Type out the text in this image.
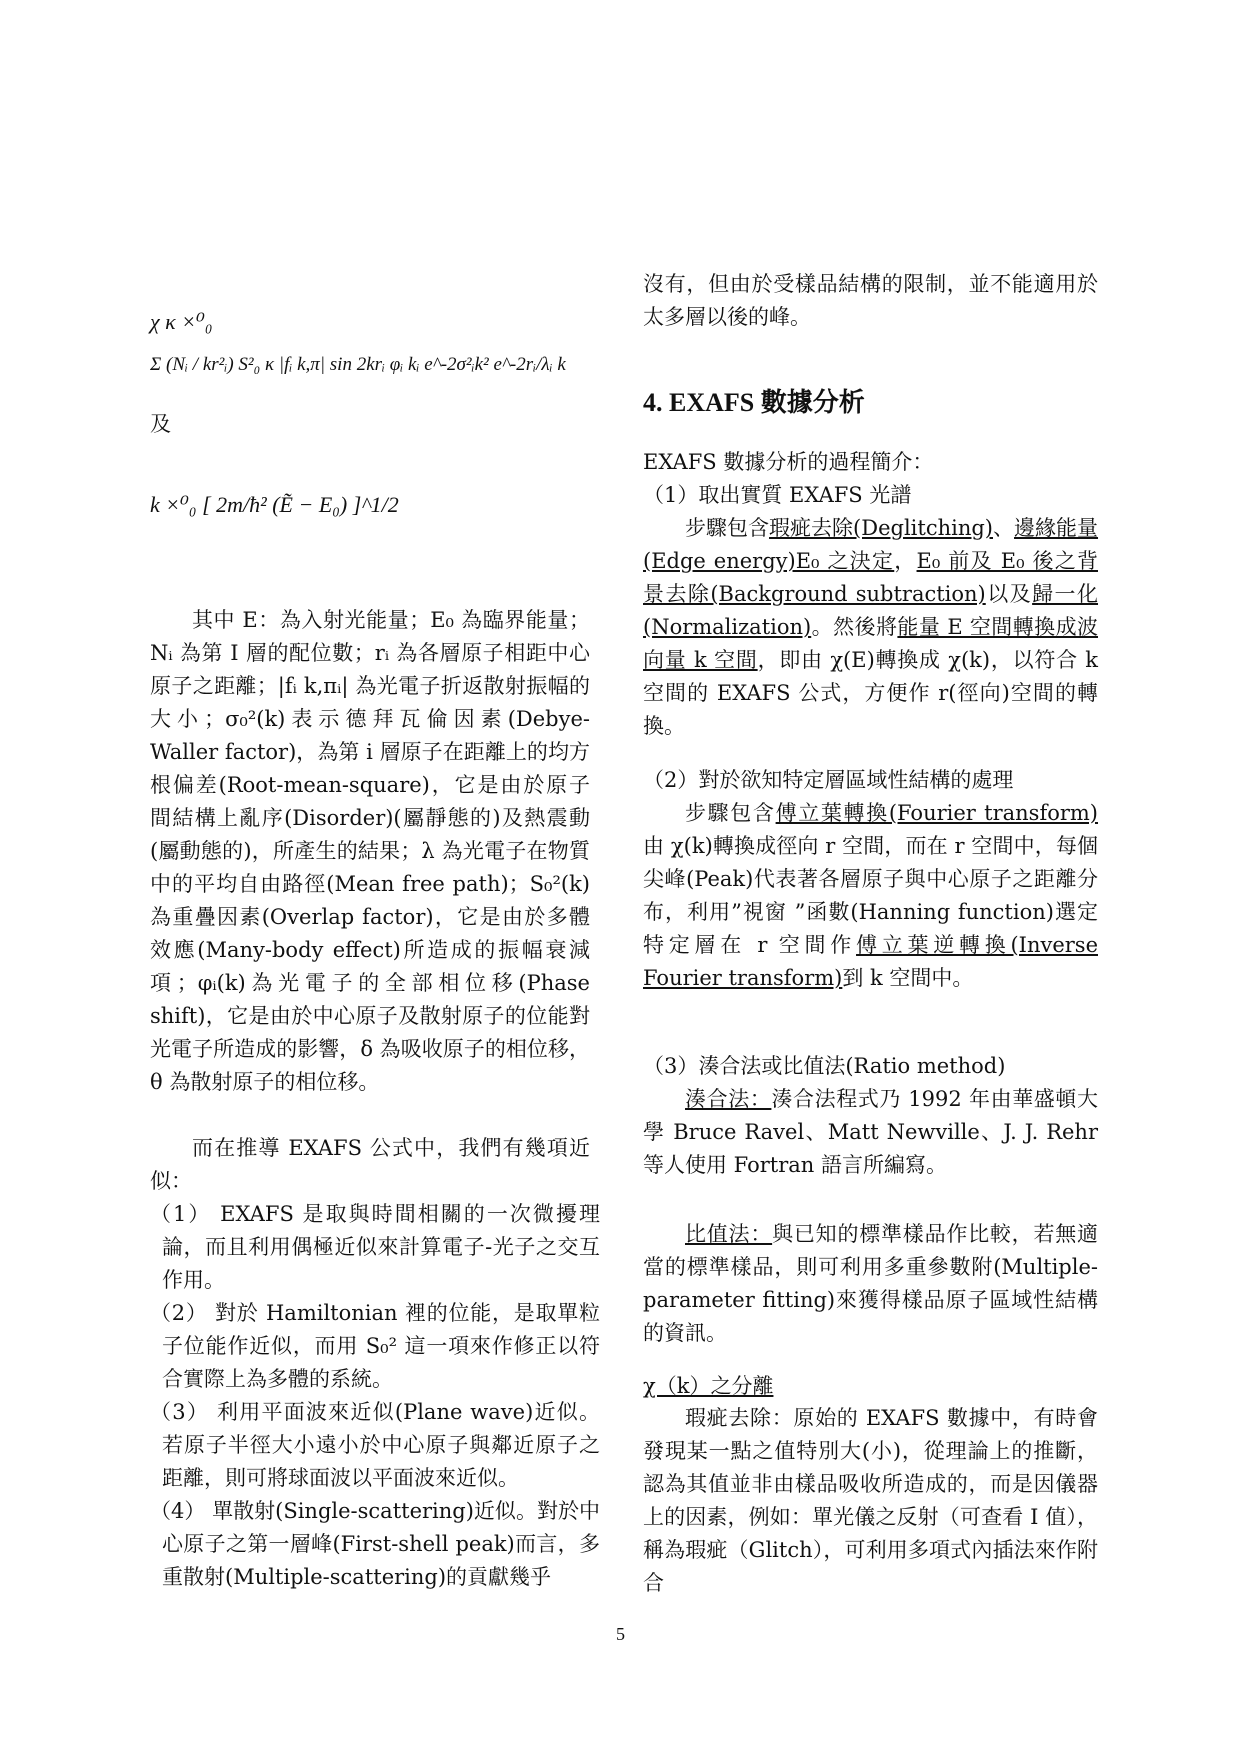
χ κ ×⁰₀
Σ (Nᵢ / kr²ᵢ) S²₀ κ |fᵢ k,π| sin 2krᵢ φᵢ kᵢ e^-2σ²ᵢk² e^-2rᵢ/λᵢ k
及
k ×⁰₀ [ 2m/ħ² (Ẽ − E₀) ]^1/2
其中 E：為入射光能量；E₀ 為臨界能量；Nᵢ 為第 I 層的配位數；rᵢ 為各層原子相距中心原子之距離；|fᵢ k,πᵢ| 為光電子折返散射振幅的大小；σ₀²(k)表示德拜瓦倫因素(Debye-Waller factor)，為第 i 層原子在距離上的均方根偏差(Root-mean-square)，它是由於原子間結構上亂序(Disorder)(屬靜態的)及熱震動(屬動態的)，所產生的結果；λ 為光電子在物質中的平均自由路徑(Mean free path)；S₀²(k)為重疊因素(Overlap factor)，它是由於多體效應(Many-body effect)所造成的振幅衰減項；φᵢ(k)為光電子的全部相位移(Phase shift)，它是由於中心原子及散射原子的位能對光電子所造成的影響，δ 為吸收原子的相位移，θ 為散射原子的相位移。
而在推導 EXAFS 公式中，我們有幾項近似：
（1） EXAFS 是取與時間相關的一次微擾理論，而且利用偶極近似來計算電子-光子之交互作用。
（2） 對於 Hamiltonian 裡的位能，是取單粒子位能作近似，而用 S₀² 這一項來作修正以符合實際上為多體的系統。
（3） 利用平面波來近似(Plane wave)近似。若原子半徑大小遠小於中心原子與鄰近原子之距離，則可將球面波以平面波來近似。
（4） 單散射(Single-scattering)近似。對於中心原子之第一層峰(First-shell peak)而言，多重散射(Multiple-scattering)的貢獻幾乎
沒有，但由於受樣品結構的限制，並不能適用於太多層以後的峰。
4. EXAFS 數據分析
EXAFS 數據分析的過程簡介：
（1）取出實質 EXAFS 光譜
步驟包含瑕疵去除(Deglitching)、邊緣能量(Edge energy)E₀ 之決定，E₀ 前及 E₀ 後之背景去除(Background subtraction)以及歸一化(Normalization)。然後將能量 E 空間轉換成波向量 k 空間，即由 χ(E)轉換成 χ(k)，以符合 k 空間的 EXAFS 公式，方便作 r(徑向)空間的轉換。
（2）對於欲知特定層區域性結構的處理
步驟包含傅立葉轉換(Fourier transform)由 χ(k)轉換成徑向 r 空間，而在 r 空間中，每個尖峰(Peak)代表著各層原子與中心原子之距離分布，利用”視窗 ”函數(Hanning function)選定特定層在 r 空間作傅立葉逆轉換(Inverse Fourier transform)到 k 空間中。
（3）湊合法或比值法(Ratio method)
湊合法：湊合法程式乃 1992 年由華盛頓大學 Bruce Ravel、Matt Newville、J. J. Rehr 等人使用 Fortran 語言所編寫。
比值法：與已知的標準樣品作比較，若無適當的標準樣品，則可利用多重參數附(Multiple-parameter fitting)來獲得樣品原子區域性結構的資訊。
χ（k）之分離
瑕疵去除：原始的 EXAFS 數據中，有時會發現某一點之值特別大(小)，從理論上的推斷，認為其值並非由樣品吸收所造成的，而是因儀器上的因素，例如：單光儀之反射（可查看 I 值），稱為瑕疵（Glitch），可利用多項式內插法來作附合
5
